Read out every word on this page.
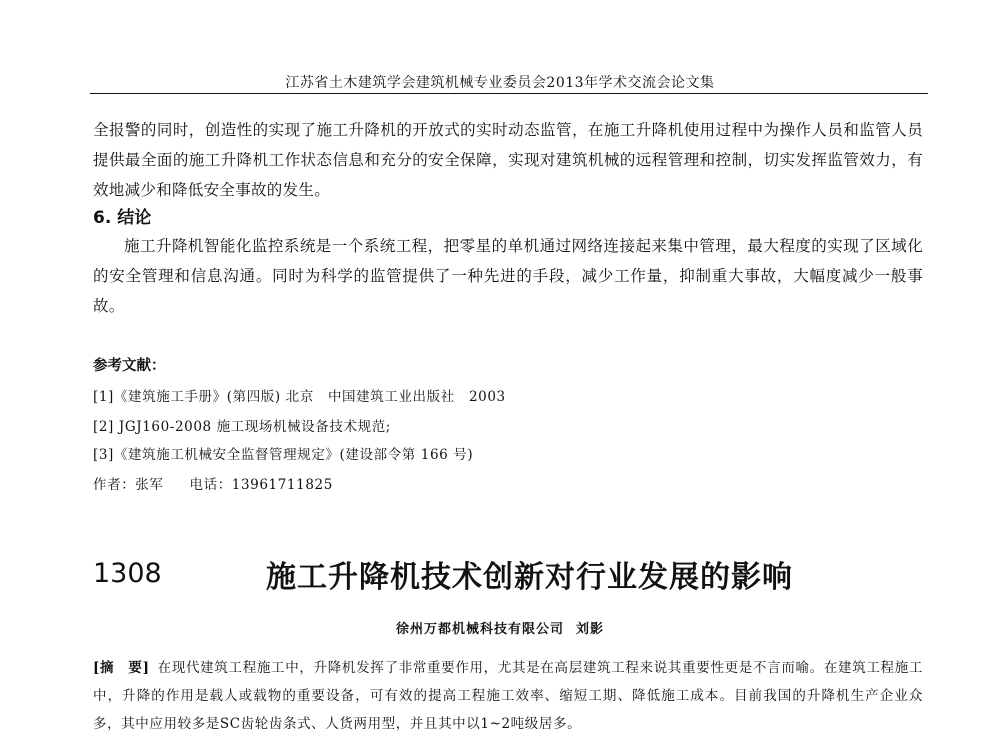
江苏省土木建筑学会建筑机械专业委员会2013年学术交流会论文集
全报警的同时，创造性的实现了施工升降机的开放式的实时动态监管，在施工升降机使用过程中为操作人员和监管人员提供最全面的施工升降机工作状态信息和充分的安全保障，实现对建筑机械的远程管理和控制，切实发挥监管效力，有效地减少和降低安全事故的发生。
6. 结论
施工升降机智能化监控系统是一个系统工程，把零星的单机通过网络连接起来集中管理，最大程度的实现了区域化的安全管理和信息沟通。同时为科学的监管提供了一种先进的手段，减少工作量，抑制重大事故，大幅度减少一般事故。
参考文献：
[1]《建筑施工手册》(第四版) 北京　中国建筑工业出版社　2003
[2] JGJ160-2008 施工现场机械设备技术规范;
[3]《建筑施工机械安全监督管理规定》(建设部令第 166 号)
作者：张军 电话：13961711825
1308	施工升降机技术创新对行业发展的影响
徐州万都机械科技有限公司 刘影
[摘　要] 在现代建筑工程施工中，升降机发挥了非常重要作用，尤其是在高层建筑工程来说其重要性更是不言而喻。在建筑工程施工中，升降的作用是载人或载物的重要设备，可有效的提高工程施工效率、缩短工期、降低施工成本。目前我国的升降机生产企业众多，其中应用较多是SC齿轮齿条式、人货两用型，并且其中以1~2吨级居多。
